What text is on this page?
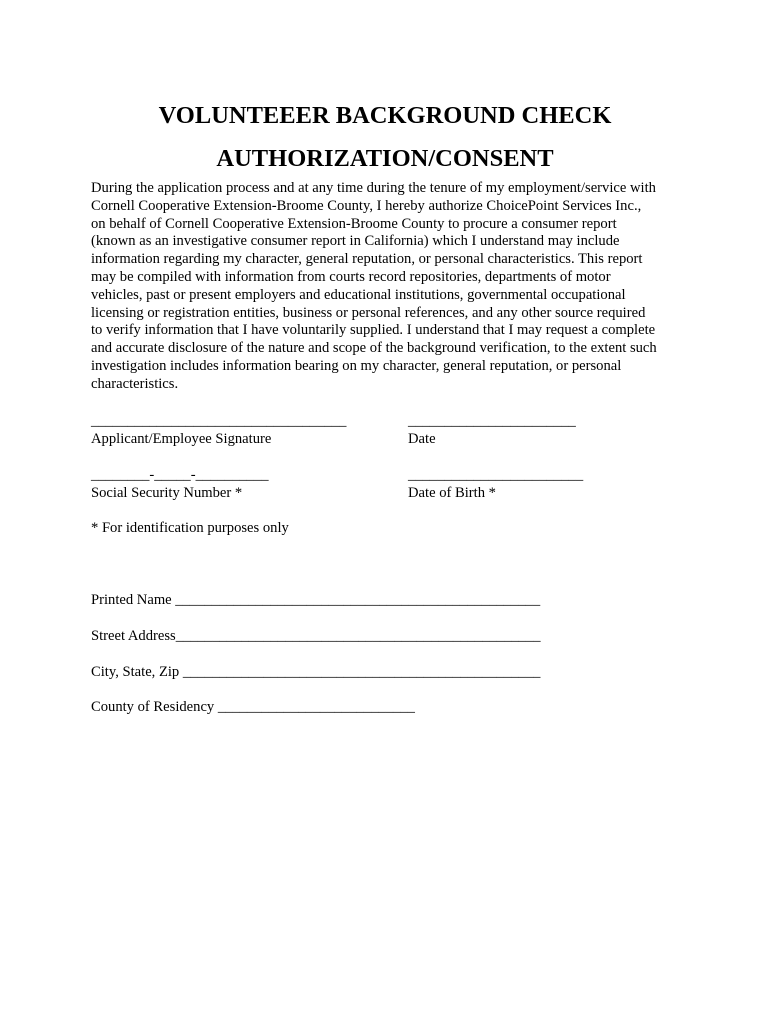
VOLUNTEEER BACKGROUND CHECK
AUTHORIZATION/CONSENT
During the application process and at any time during the tenure of my employment/service with
Cornell Cooperative Extension-Broome County, I hereby authorize ChoicePoint Services Inc.,
on behalf of Cornell Cooperative Extension-Broome County to procure a consumer report
(known as an investigative consumer report in California) which I understand may include
information regarding my character, general reputation, or personal characteristics. This report
may be compiled with information from courts record repositories, departments of motor
vehicles, past or present employers and educational institutions, governmental occupational
licensing or registration entities, business or personal references, and any other source required
to verify information that I have voluntarily supplied. I understand that I may request a complete
and accurate disclosure of the nature and scope of the background verification, to the extent such
investigation includes information bearing on my character, general reputation, or personal
characteristics.
___________________________________
Applicant/Employee Signature
_______________________
Date
________-_____-__________
Social Security Number *
________________________
Date of Birth *
* For identification purposes only
Printed Name __________________________________________________
Street Address__________________________________________________
City, State, Zip _________________________________________________
County of Residency ___________________________
